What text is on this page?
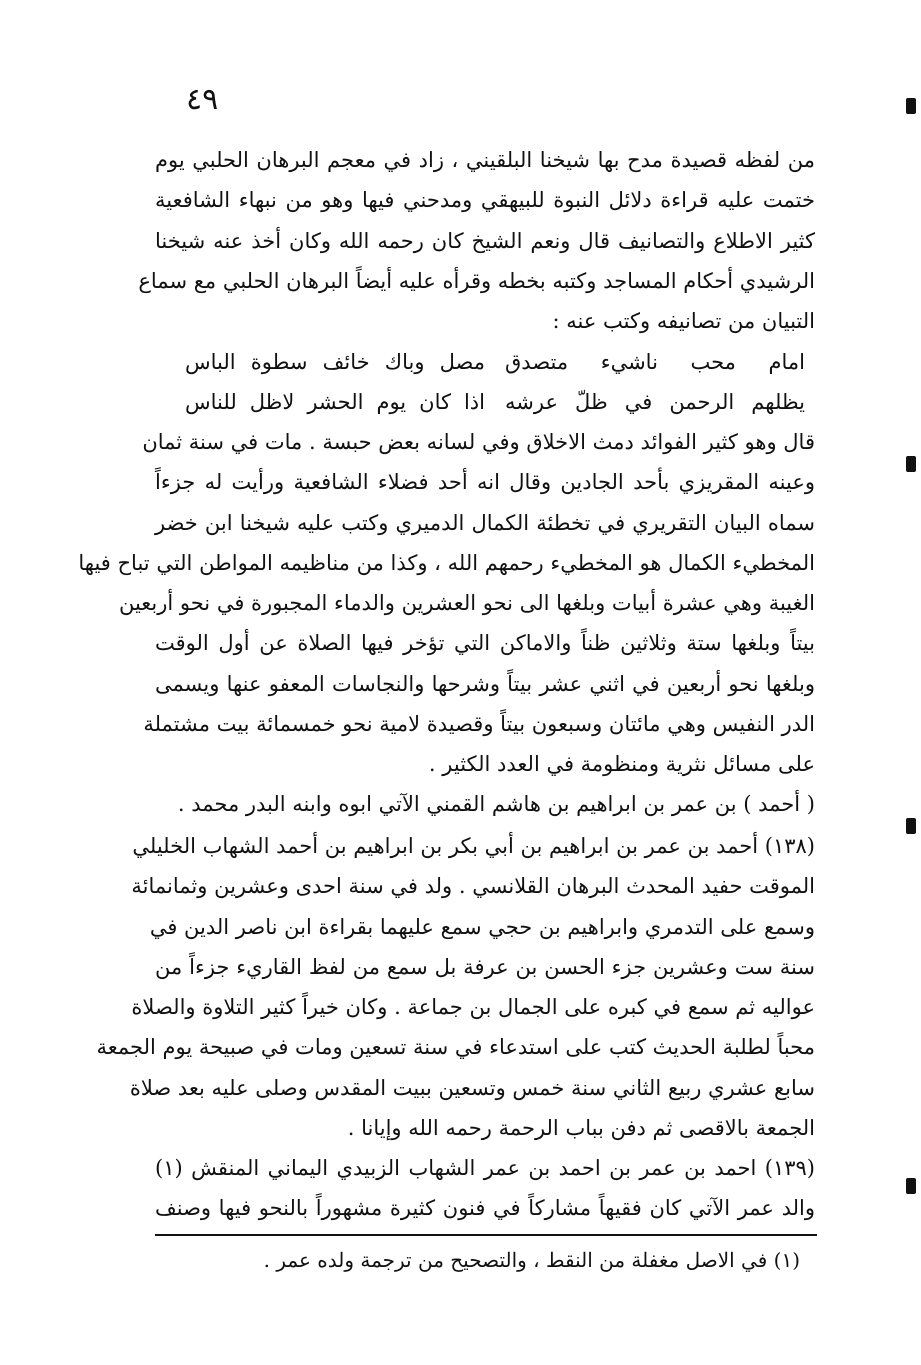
٤٩
من لفظه قصيدة مدح بها شيخنا البلقيني ، زاد في معجم البرهان الحلبي يوم
ختمت عليه قراءة دلائل النبوة للبيهقي ومدحني فيها وهو من نبهاء الشافعية
كثير الاطلاع والتصانيف قال ونعم الشيخ كان رحمه الله وكان أخذ عنه شيخنا
الرشيدي أحكام المساجد وكتبه بخطه وقرأه عليه أيضاً البرهان الحلبي مع سماع
التبيان من تصانيفه وكتب عنه :
امام محب ناشيء متصدق
مصل وباك خائف سطوة الباس
يظلهم الرحمن في ظلّ عرشه
اذا كان يوم الحشر لاظل للناس
قال وهو كثير الفوائد دمث الاخلاق وفي لسانه بعض حبسة . مات في سنة ثمان
وعينه المقريزي بأحد الجادين وقال انه أحد فضلاء الشافعية ورأيت له جزءاً
سماه البيان التقريري في تخطئة الكمال الدميري وكتب عليه شيخنا ابن خضر
المخطيء الكمال هو المخطيء رحمهم الله ، وكذا من مناظيمه المواطن التي تباح فيها
الغيبة وهي عشرة أبيات وبلغها الى نحو العشرين والدماء المجبورة في نحو أربعين
بيتاً وبلغها ستة وثلاثين ظناً والاماكن التي تؤخر فيها الصلاة عن أول الوقت
وبلغها نحو أربعين في اثني عشر بيتاً وشرحها والنجاسات المعفو عنها ويسمى
الدر النفيس وهي مائتان وسبعون بيتاً وقصيدة لامية نحو خمسمائة بيت مشتملة
على مسائل نثرية ومنظومة في العدد الكثير .
( أحمد ) بن عمر بن ابراهيم بن هاشم القمني الآتي ابوه وابنه البدر محمد .
(١٣٨) أحمد بن عمر بن ابراهيم بن أبي بكر بن ابراهيم بن أحمد الشهاب الخليلي
الموقت حفيد المحدث البرهان القلانسي . ولد في سنة احدى وعشرين وثمانمائة
وسمع على التدمري وابراهيم بن حجي سمع عليهما بقراءة ابن ناصر الدين في
سنة ست وعشرين جزء الحسن بن عرفة بل سمع من لفظ القاريء جزءاً من
عواليه ثم سمع في كبره على الجمال بن جماعة . وكان خيراً كثير التلاوة والصلاة
محباً لطلبة الحديث كتب على استدعاء في سنة تسعين ومات في صبيحة يوم الجمعة
سابع عشري ربيع الثاني سنة خمس وتسعين ببيت المقدس وصلى عليه بعد صلاة
الجمعة بالاقصى ثم دفن بباب الرحمة رحمه الله وإيانا .
(١٣٩) احمد بن عمر بن احمد بن عمر الشهاب الزبيدي اليماني المنقش (١)
والد عمر الآتي كان فقيهاً مشاركاً في فنون كثيرة مشهوراً بالنحو فيها وصنف
(١) في الاصل مغفلة من النقط ، والتصحيح من ترجمة ولده عمر .
